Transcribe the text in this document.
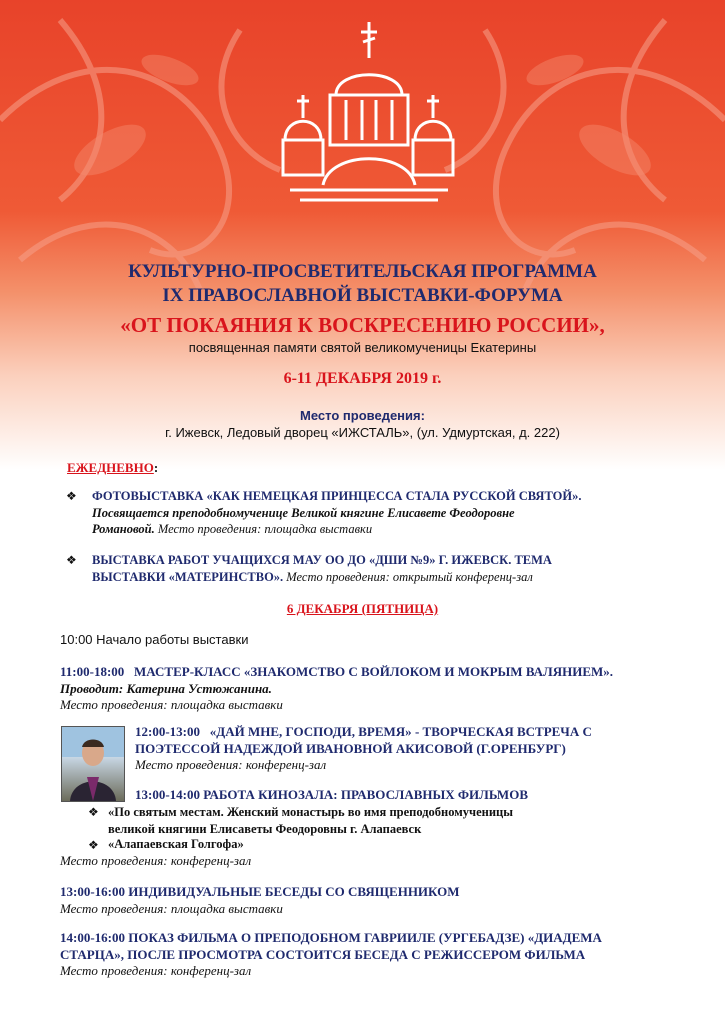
КУЛЬТУРНО-ПРОСВЕТИТЕЛЬСКАЯ ПРОГРАММА
IX ПРАВОСЛАВНОЙ ВЫСТАВКИ-ФОРУМА
«ОТ ПОКАЯНИЯ К ВОСКРЕСЕНИЮ РОССИИ»,
посвященная памяти святой великомученицы Екатерины
6-11 ДЕКАБРЯ 2019 г.
Место проведения:
г. Ижевск, Ледовый дворец «ИЖСТАЛЬ», (ул. Удмуртская, д. 222)
ЕЖЕДНЕВНО:
❖ ФОТОВЫСТАВКА «КАК НЕМЕЦКАЯ ПРИНЦЕССА СТАЛА РУССКОЙ СВЯТОЙ».
Посвящается преподобномученице Великой княгине Елисавете Феодоровне
Романовой. Место проведения: площадка выставки
❖ ВЫСТАВКА РАБОТ УЧАЩИХСЯ МАУ ОО ДО «ДШИ №9» Г. ИЖЕВСК. ТЕМА
ВЫСТАВКИ «МАТЕРИНСТВО». Место проведения: открытый конференц-зал
6 ДЕКАБРЯ (ПЯТНИЦА)
10:00 Начало работы выставки
11:00-18:00 МАСТЕР-КЛАСС «ЗНАКОМСТВО С ВОЙЛОКОМ И МОКРЫМ ВАЛЯНИЕМ».
Проводит: Катерина Устюжанина.
Место проведения: площадка выставки
12:00-13:00 «ДАЙ МНЕ, ГОСПОДИ, ВРЕМЯ» - ТВОРЧЕСКАЯ ВСТРЕЧА С
ПОЭТЕССОЙ НАДЕЖДОЙ ИВАНОВНОЙ АКИСОВОЙ (Г.ОРЕНБУРГ)
Место проведения: конференц-зал
13:00-14:00 РАБОТА КИНОЗАЛА: ПРАВОСЛАВНЫХ ФИЛЬМОВ
❖ «По святым местам. Женский монастырь во имя преподобномученицы
великой княгини Елисаветы Феодоровны г. Алапаевск
❖ «Алапаевская Голгофа»
Место проведения: конференц-зал
13:00-16:00 ИНДИВИДУАЛЬНЫЕ БЕСЕДЫ СО СВЯЩЕННИКОМ
Место проведения: площадка выставки
14:00-16:00 ПОКАЗ ФИЛЬМА О ПРЕПОДОБНОМ ГАВРИИЛЕ (УРГЕБАДЗЕ) «ДИАДЕМА
СТАРЦА», ПОСЛЕ ПРОСМОТРА СОСТОИТСЯ БЕСЕДА С РЕЖИССЕРОМ ФИЛЬМА
Место проведения: конференц-зал
